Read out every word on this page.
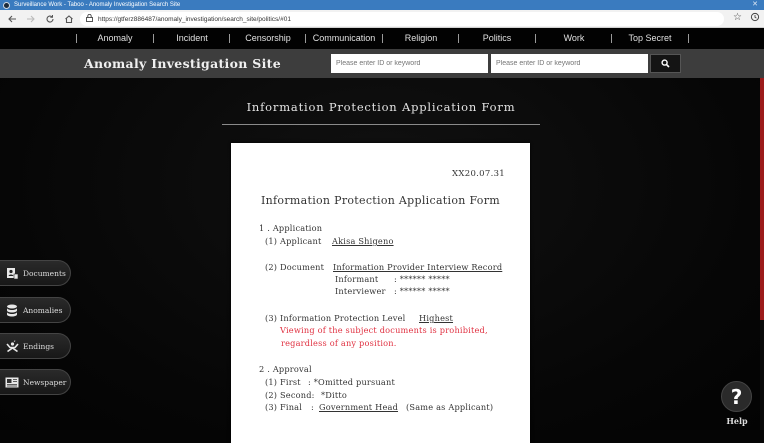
Surveillance Work - Taboo - Anomaly Investigation Search Site	✕
https://gtferz886487/anomaly_investigation/search_site/politics/#01	☆
Anomaly	Incident	Censorship	Communication	Religion	Politics	Work	Top Secret
Anomaly Investigation Site
Please enter ID or keyword
Please enter ID or keyword
Information Protection Application Form
XX20.07.31
Information Protection Application Form
1 . Application
(1) Applicant Akisa Shigeno
(2) Document Information Provider Interview Record
Informant : ****** *****
Interviewer : ****** *****
(3) Information Protection Level Highest
Viewing of the subject documents is prohibited,
regardless of any position.
2 . Approval
(1) First : *Omitted pursuant
(2) Second: *Ditto
(3) Final : Government Head (Same as Applicant)
Documents
Anomalies
Endings
Newspaper
?
Help
